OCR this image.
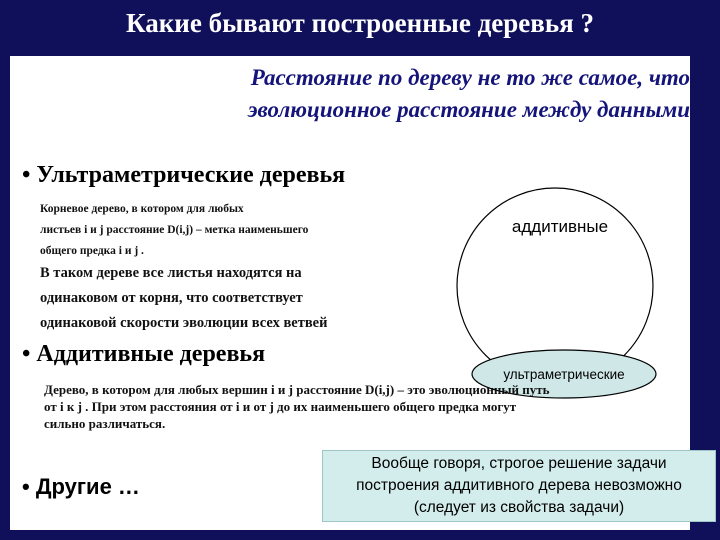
Какие бывают построенные деревья ?
Расстояние по дереву не то же самое, что
эволюционное расстояние между данными
• Ультраметрические деревья
Корневое дерево, в котором для любых
листьев i и j расстояние D(i,j) – метка наименьшего
общего предка i и j .
В таком дереве все листья находятся на
одинаковом от корня, что соответствует
одинаковой скорости эволюции всех ветвей
аддитивные
ультраметрические
• Аддитивные деревья
Дерево, в котором для любых вершин i и j расстояние D(i,j) – это эволюционный путь
от i к j . При этом расстояния от i и от j до их наименьшего общего предка могут
сильно различаться.
• Другие …
Вообще говоря, строгое решение задачи
построения аддитивного дерева невозможно
(следует из свойства задачи)
